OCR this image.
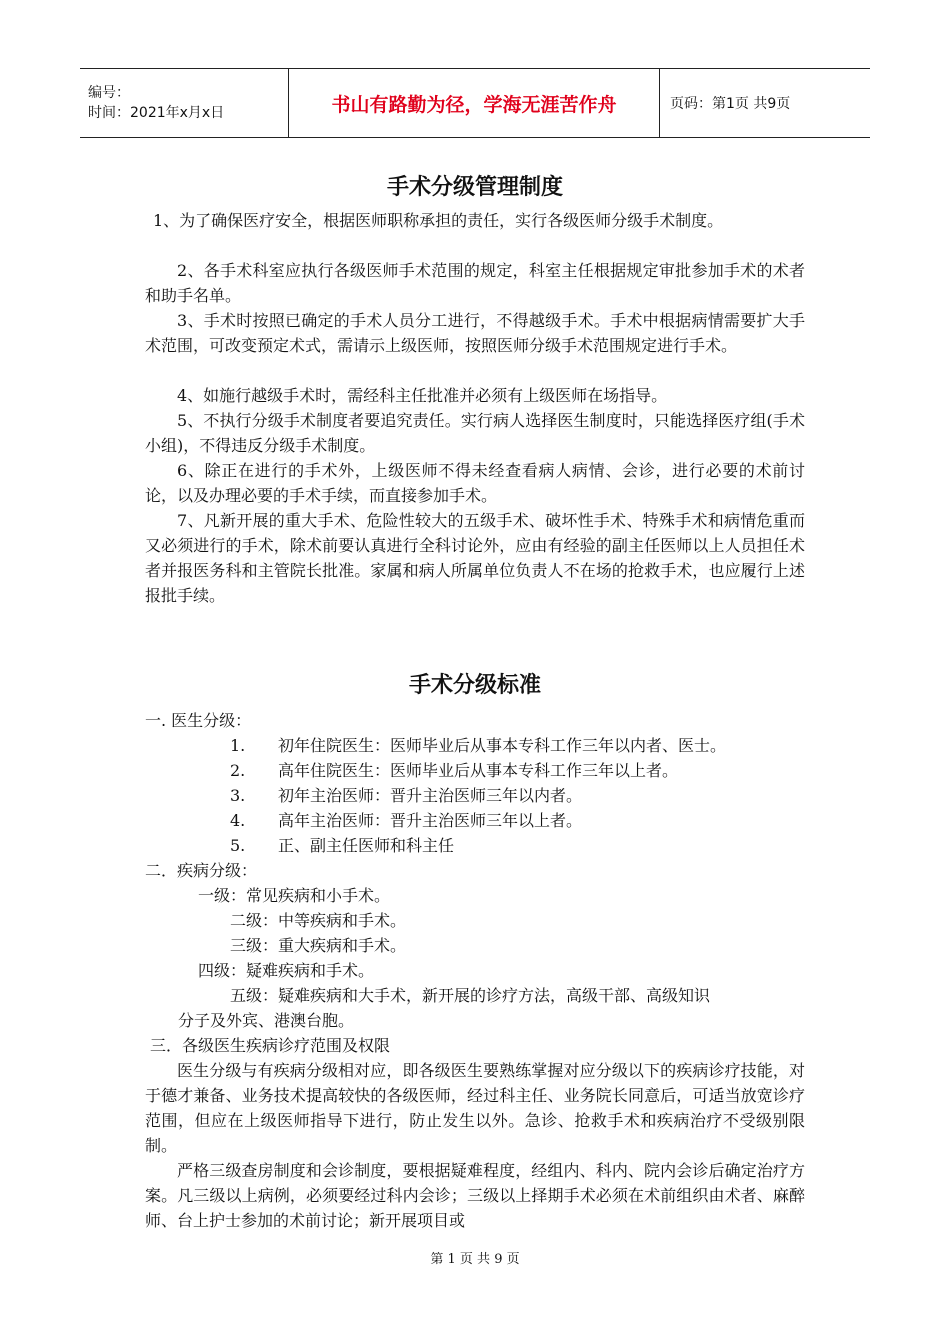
编号：
时间：2021年x月x日	书山有路勤为径，学海无涯苦作舟	页码：第1页 共9页
手术分级管理制度

1、为了确保医疗安全，根据医师职称承担的责任，实行各级医师分级手术制度。

2、各手术科室应执行各级医师手术范围的规定，科室主任根据规定审批参加手术的术者和助手名单。

3、手术时按照已确定的手术人员分工进行，不得越级手术。手术中根据病情需要扩大手术范围，可改变预定术式，需请示上级医师，按照医师分级手术范围规定进行手术。

4、如施行越级手术时，需经科主任批准并必须有上级医师在场指导。

5、不执行分级手术制度者要追究责任。实行病人选择医生制度时，只能选择医疗组(手术小组)，不得违反分级手术制度。

6、除正在进行的手术外，上级医师不得未经查看病人病情、会诊，进行必要的术前讨论，以及办理必要的手术手续，而直接参加手术。

7、凡新开展的重大手术、危险性较大的五级手术、破坏性手术、特殊手术和病情危重而又必须进行的手术，除术前要认真进行全科讨论外，应由有经验的副主任医师以上人员担任术者并报医务科和主管院长批准。家属和病人所属单位负责人不在场的抢救手术，也应履行上述报批手续。

手术分级标准
一. 医生分级：
1. 初年住院医生：医师毕业后从事本专科工作三年以内者、医士。
2. 高年住院医生：医师毕业后从事本专科工作三年以上者。
3. 初年主治医师：晋升主治医师三年以内者。
4. 高年主治医师：晋升主治医师三年以上者。
5. 正、副主任医师和科主任
二．疾病分级：
一级：常见疾病和小手术。
二级：中等疾病和手术。
三级：重大疾病和手术。
四级：疑难疾病和手术。
五级：疑难疾病和大手术，新开展的诊疗方法，高级干部、高级知识
分子及外宾、港澳台胞。
三．各级医生疾病诊疗范围及权限

医生分级与有疾病分级相对应，即各级医生要熟练掌握对应分级以下的疾病诊疗技能，对于德才兼备、业务技术提高较快的各级医师，经过科主任、业务院长同意后，可适当放宽诊疗范围，但应在上级医师指导下进行，防止发生以外。急诊、抢救手术和疾病治疗不受级别限制。

严格三级查房制度和会诊制度，要根据疑难程度，经组内、科内、院内会诊后确定治疗方案。凡三级以上病例，必须要经过科内会诊；三级以上择期手术必须在术前组织由术者、麻醉师、台上护士参加的术前讨论；新开展项目或

第 1 页 共 9 页
